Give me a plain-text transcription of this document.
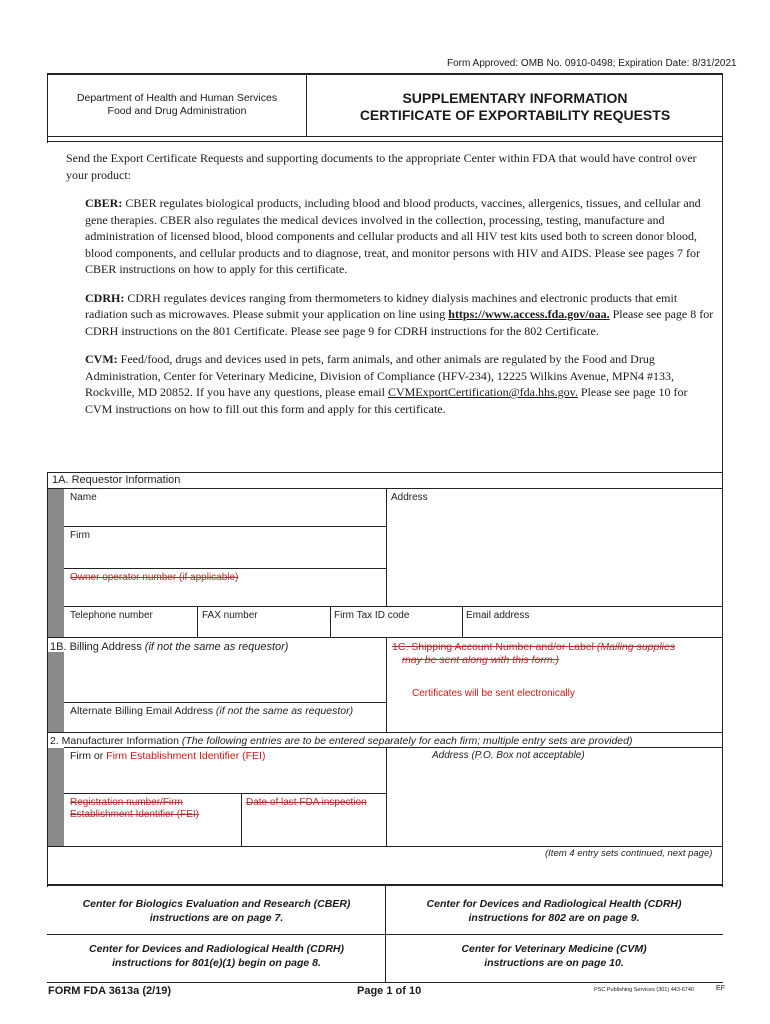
Form Approved: OMB No. 0910-0498; Expiration Date: 8/31/2021
Department of Health and Human Services
Food and Drug Administration
SUPPLEMENTARY INFORMATION
CERTIFICATE OF EXPORTABILITY REQUESTS

Send the Export Certificate Requests and supporting documents to the appropriate Center within FDA that would have control over your product:

CBER: CBER regulates biological products, including blood and blood products, vaccines, allergenics, tissues, and cellular and gene therapies. CBER also regulates the medical devices involved in the collection, processing, testing, manufacture and administration of licensed blood, blood components and cellular products and all HIV test kits used both to screen donor blood, blood components, and cellular products and to diagnose, treat, and monitor persons with HIV and AIDS. Please see pages 7 for CBER instructions on how to apply for this certificate.

CDRH: CDRH regulates devices ranging from thermometers to kidney dialysis machines and electronic products that emit radiation such as microwaves. Please submit your application on line using https://www.access.fda.gov/oaa. Please see page 8 for CDRH instructions on the 801 Certificate. Please see page 9 for CDRH instructions for the 802 Certificate.

CVM: Feed/food, drugs and devices used in pets, farm animals, and other animals are regulated by the Food and Drug Administration, Center for Veterinary Medicine, Division of Compliance (HFV-234), 12225 Wilkins Avenue, MPN4 #133, Rockville, MD 20852. If you have any questions, please email CVMExportCertification@fda.hhs.gov. Please see page 10 for CVM instructions on how to fill out this form and apply for this certificate.

1A. Requestor Information
Name	Address
Firm
Owner operator number (if applicable)
Telephone number	FAX number	Firm Tax ID code	Email address
1B. Billing Address (if not the same as requestor)
Alternate Billing Email Address (if not the same as requestor)
1C. Shipping Account Number and/or Label (Mailing supplies
may be sent along with this form.)
Certificates will be sent electronically
2. Manufacturer Information (The following entries are to be entered separately for each firm; multiple entry sets are provided)
Firm or Firm Establishment Identifier (FEI)	Address (P.O. Box not acceptable)
Registration number/Firm
Establishment Identifier (FEI)
Date of last FDA inspection
(Item 4 entry sets continued, next page)
Center for Biologics Evaluation and Research (CBER)
instructions are on page 7.
Center for Devices and Radiological Health (CDRH)
instructions for 802 are on page 9.
Center for Devices and Radiological Health (CDRH)
instructions for 801(e)(1) begin on page 8.
Center for Veterinary Medicine (CVM)
instructions are on page 10.
FORM FDA 3613a (2/19)	Page 1 of 10	PSC Publishing Services (301) 443-6740	EF
